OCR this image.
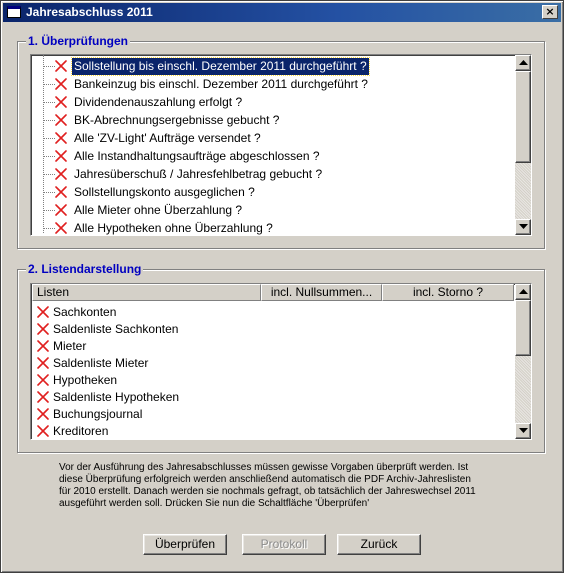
Jahresabschluss 2011	×
1. Überprüfungen
Sollstellung bis einschl. Dezember 2011 durchgeführt ?
Bankeinzug bis einschl. Dezember 2011 durchgeführt ?
Dividendenauszahlung erfolgt ?
BK-Abrechnungsergebnisse gebucht ?
Alle 'ZV-Light' Aufträge versendet ?
Alle Instandhaltungsaufträge abgeschlossen ?
Jahresüberschuß / Jahresfehlbetrag gebucht ?
Sollstellungskonto ausgeglichen ?
Alle Mieter ohne Überzahlung ?
Alle Hypotheken ohne Überzahlung ?
2. Listendarstellung
Listen	incl. Nullsummen...	incl. Storno ?
Sachkonten
Saldenliste Sachkonten
Mieter
Saldenliste Mieter
Hypotheken
Saldenliste Hypotheken
Buchungsjournal
Kreditoren
Vor der Ausführung des Jahresabschlusses müssen gewisse Vorgaben überprüft werden. Ist
diese Überprüfung erfolgreich werden anschließend automatisch die PDF Archiv-Jahreslisten
für 2010 erstellt. Danach werden sie nochmals gefragt, ob tatsächlich der Jahreswechsel 2011
ausgeführt werden soll. Drücken Sie nun die Schaltfläche 'Überprüfen'
Überprüfen	Protokoll	Zurück
